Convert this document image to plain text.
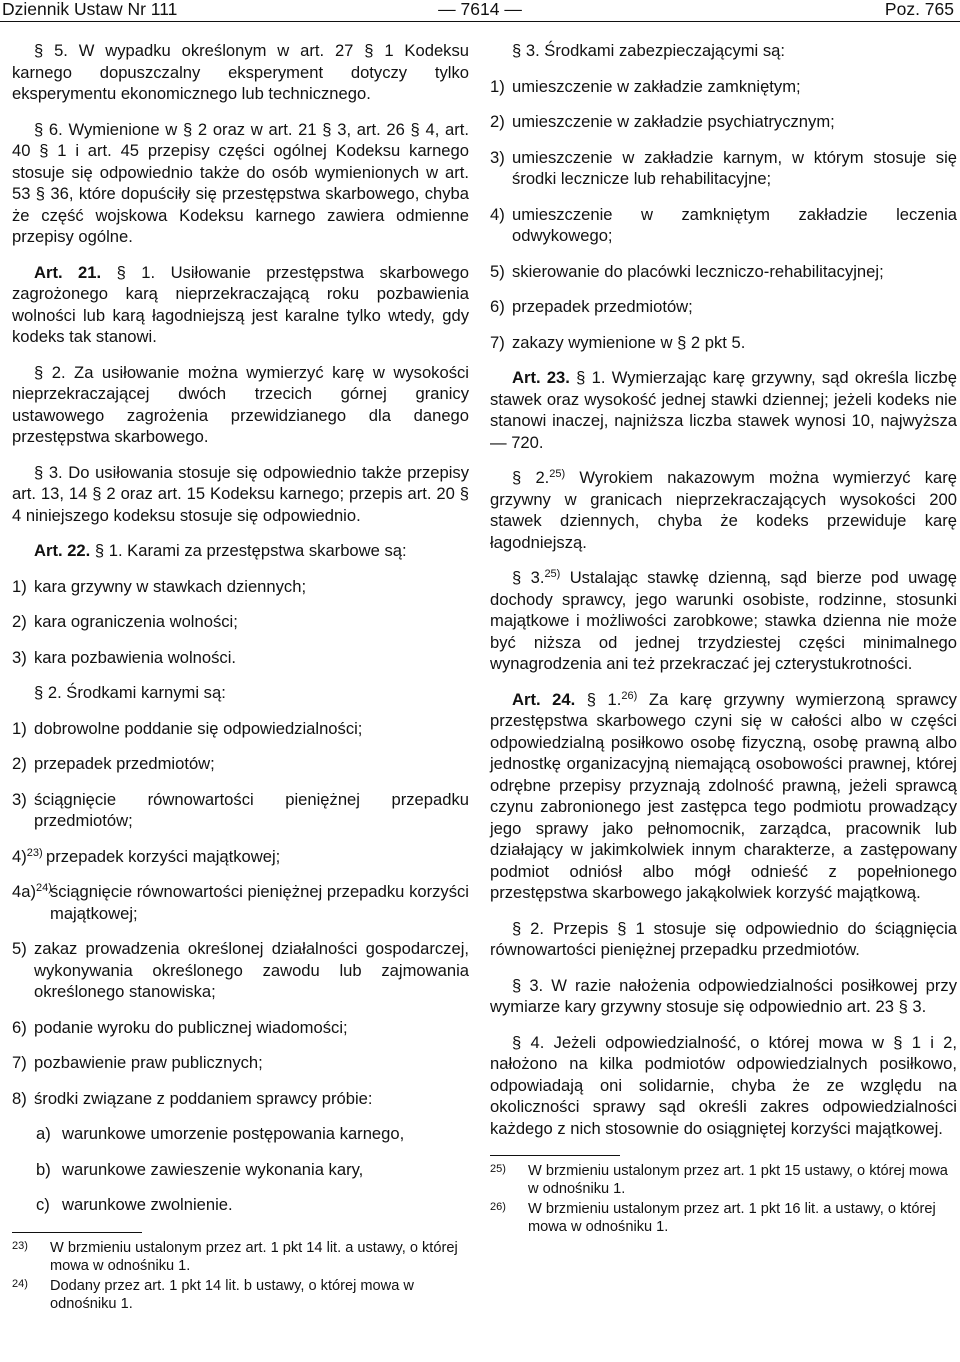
Dziennik Ustaw Nr 111	— 7614 —	Poz. 765

§ 5. W wypadku określonym w art. 27 § 1 Kodeksu karnego dopuszczalny eksperyment dotyczy tylko eksperymentu ekonomicznego lub technicznego.

§ 6. Wymienione w § 2 oraz w art. 21 § 3, art. 26 § 4, art. 40 § 1 i art. 45 przepisy części ogólnej Kodeksu karnego stosuje się odpowiednio także do osób wymienionych w art. 53 § 36, które dopuściły się przestępstwa skarbowego, chyba że część wojskowa Kodeksu karnego zawiera odmienne przepisy ogólne.

Art. 21. § 1. Usiłowanie przestępstwa skarbowego zagrożonego karą nieprzekraczającą roku pozbawienia wolności lub karą łagodniejszą jest karalne tylko wtedy, gdy kodeks tak stanowi.

§ 2. Za usiłowanie można wymierzyć karę w wysokości nieprzekraczającej dwóch trzecich górnej granicy ustawowego zagrożenia przewidzianego dla danego przestępstwa skarbowego.

§ 3. Do usiłowania stosuje się odpowiednio także przepisy art. 13, 14 § 2 oraz art. 15 Kodeksu karnego; przepis art. 20 § 4 niniejszego kodeksu stosuje się odpowiednio.

Art. 22. § 1. Karami za przestępstwa skarbowe są:

1) kara grzywny w stawkach dziennych;
2) kara ograniczenia wolności;
3) kara pozbawienia wolności.

§ 2. Środkami karnymi są:

1) dobrowolne poddanie się odpowiedzialności;
2) przepadek przedmiotów;
3) ściągnięcie równowartości pieniężnej przepadku przedmiotów;
4)$^{23)}$ przepadek korzyści majątkowej;
4a)$^{24)}$
ściągnięcie równowartości pieniężnej przepadku korzyści majątkowej;
5) zakaz prowadzenia określonej działalności gospodarczej, wykonywania określonego zawodu lub zajmowania określonego stanowiska;
6) podanie wyroku do publicznej wiadomości;
7) pozbawienie praw publicznych;
8) środki związane z poddaniem sprawcy próbie:
a) warunkowe umorzenie postępowania karnego,
b) warunkowe zawieszenie wykonania kary,
c) warunkowe zwolnienie.
23) W brzmieniu ustalonym przez art. 1 pkt 14 lit. a ustawy, o której mowa w odnośniku 1.
24) Dodany przez art. 1 pkt 14 lit. b ustawy, o której mowa w odnośniku 1.

§ 3. Środkami zabezpieczającymi są:

1) umieszczenie w zakładzie zamkniętym;
2) umieszczenie w zakładzie psychiatrycznym;
3) umieszczenie w zakładzie karnym, w którym stosuje się środki lecznicze lub rehabilitacyjne;
4) umieszczenie w zamkniętym zakładzie leczenia odwykowego;
5) skierowanie do placówki leczniczo-rehabilitacyjnej;
6) przepadek przedmiotów;
7) zakazy wymienione w § 2 pkt 5.

Art. 23. § 1. Wymierzając karę grzywny, sąd określa liczbę stawek oraz wysokość jednej stawki dziennej; jeżeli kodeks nie stanowi inaczej, najniższa liczba stawek wynosi 10, najwyższa — 720.

§ 2.$^{25)}$ Wyrokiem nakazowym można wymierzyć karę grzywny w granicach nieprzekraczających wysokości 200 stawek dziennych, chyba że kodeks przewiduje karę łagodniejszą.

§ 3.$^{25)}$ Ustalając stawkę dzienną, sąd bierze pod uwagę dochody sprawcy, jego warunki osobiste, rodzinne, stosunki majątkowe i możliwości zarobkowe; stawka dzienna nie może być niższa od jednej trzydziestej części minimalnego wynagrodzenia ani też przekraczać jej czterystukrotności.

Art. 24. § 1.$^{26)}$ Za karę grzywny wymierzoną sprawcy przestępstwa skarbowego czyni się w całości albo w części odpowiedzialną posiłkowo osobę fizyczną, osobę prawną albo jednostkę organizacyjną niemającą osobowości prawnej, której odrębne przepisy przyznają zdolność prawną, jeżeli sprawcą czynu zabronionego jest zastępca tego podmiotu prowadzący jego sprawy jako pełnomocnik, zarządca, pracownik lub działający w jakimkolwiek innym charakterze, a zastępowany podmiot odniósł albo mógł odnieść z popełnionego przestępstwa skarbowego jakąkolwiek korzyść majątkową.

§ 2. Przepis § 1 stosuje się odpowiednio do ściągnięcia równowartości pieniężnej przepadku przedmiotów.

§ 3. W razie nałożenia odpowiedzialności posiłkowej przy wymiarze kary grzywny stosuje się odpowiednio art. 23 § 3.

§ 4. Jeżeli odpowiedzialność, o której mowa w § 1 i 2, nałożono na kilka podmiotów odpowiedzialnych posiłkowo, odpowiadają oni solidarnie, chyba że ze względu na okoliczności sprawy sąd określi zakres odpowiedzialności każdego z nich stosownie do osiągniętej korzyści majątkowej.

25) W brzmieniu ustalonym przez art. 1 pkt 15 ustawy, o której mowa w odnośniku 1.
26) W brzmieniu ustalonym przez art. 1 pkt 16 lit. a ustawy, o której mowa w odnośniku 1.
